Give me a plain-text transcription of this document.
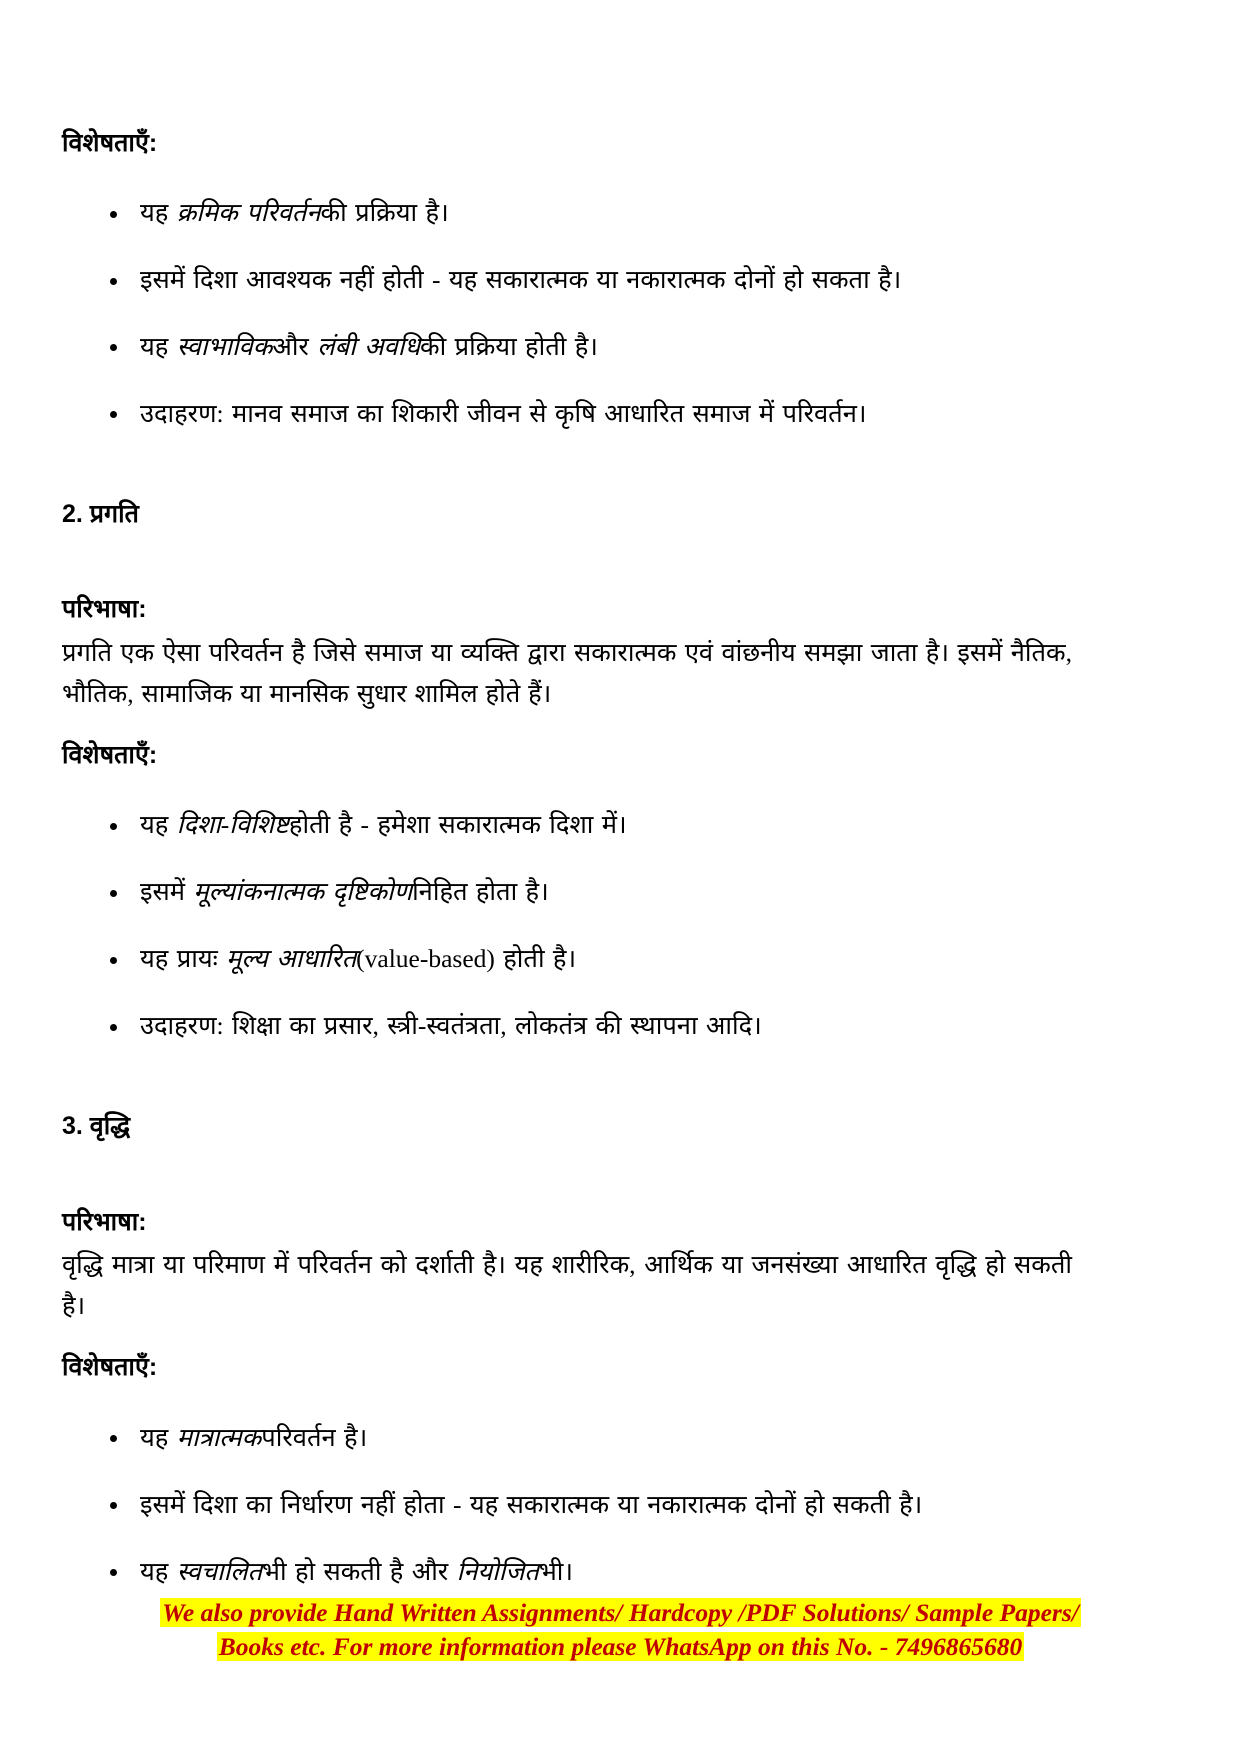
विशेषताएँ:
यह क्रमिक परिवर्तनकी प्रक्रिया है।
इसमें दिशा आवश्यक नहीं होती - यह सकारात्मक या नकारात्मक दोनों हो सकता है।
यह स्वाभाविकऔर लंबी अवधिकी प्रक्रिया होती है।
उदाहरण: मानव समाज का शिकारी जीवन से कृषि आधारित समाज में परिवर्तन।
2. प्रगति
परिभाषा:

प्रगति एक ऐसा परिवर्तन है जिसे समाज या व्यक्ति द्वारा सकारात्मक एवं वांछनीय समझा जाता है। इसमें नैतिक, भौतिक, सामाजिक या मानसिक सुधार शामिल होते हैं।

विशेषताएँ:
यह दिशा-विशिष्टहोती है - हमेशा सकारात्मक दिशा में।
इसमें मूल्यांकनात्मक दृष्टिकोणनिहित होता है।
यह प्रायः मूल्य आधारित(value-based) होती है।
उदाहरण: शिक्षा का प्रसार, स्त्री-स्वतंत्रता, लोकतंत्र की स्थापना आदि।
3. वृद्धि
परिभाषा:

वृद्धि मात्रा या परिमाण में परिवर्तन को दर्शाती है। यह शारीरिक, आर्थिक या जनसंख्या आधारित वृद्धि हो सकती है।

विशेषताएँ:
यह मात्रात्मकपरिवर्तन है।
इसमें दिशा का निर्धारण नहीं होता - यह सकारात्मक या नकारात्मक दोनों हो सकती है।
यह स्वचालितभी हो सकती है और नियोजितभी।
We also provide Hand Written Assignments/ Hardcopy /PDF Solutions/ Sample Papers/
Books etc. For more information please WhatsApp on this No. - 7496865680
